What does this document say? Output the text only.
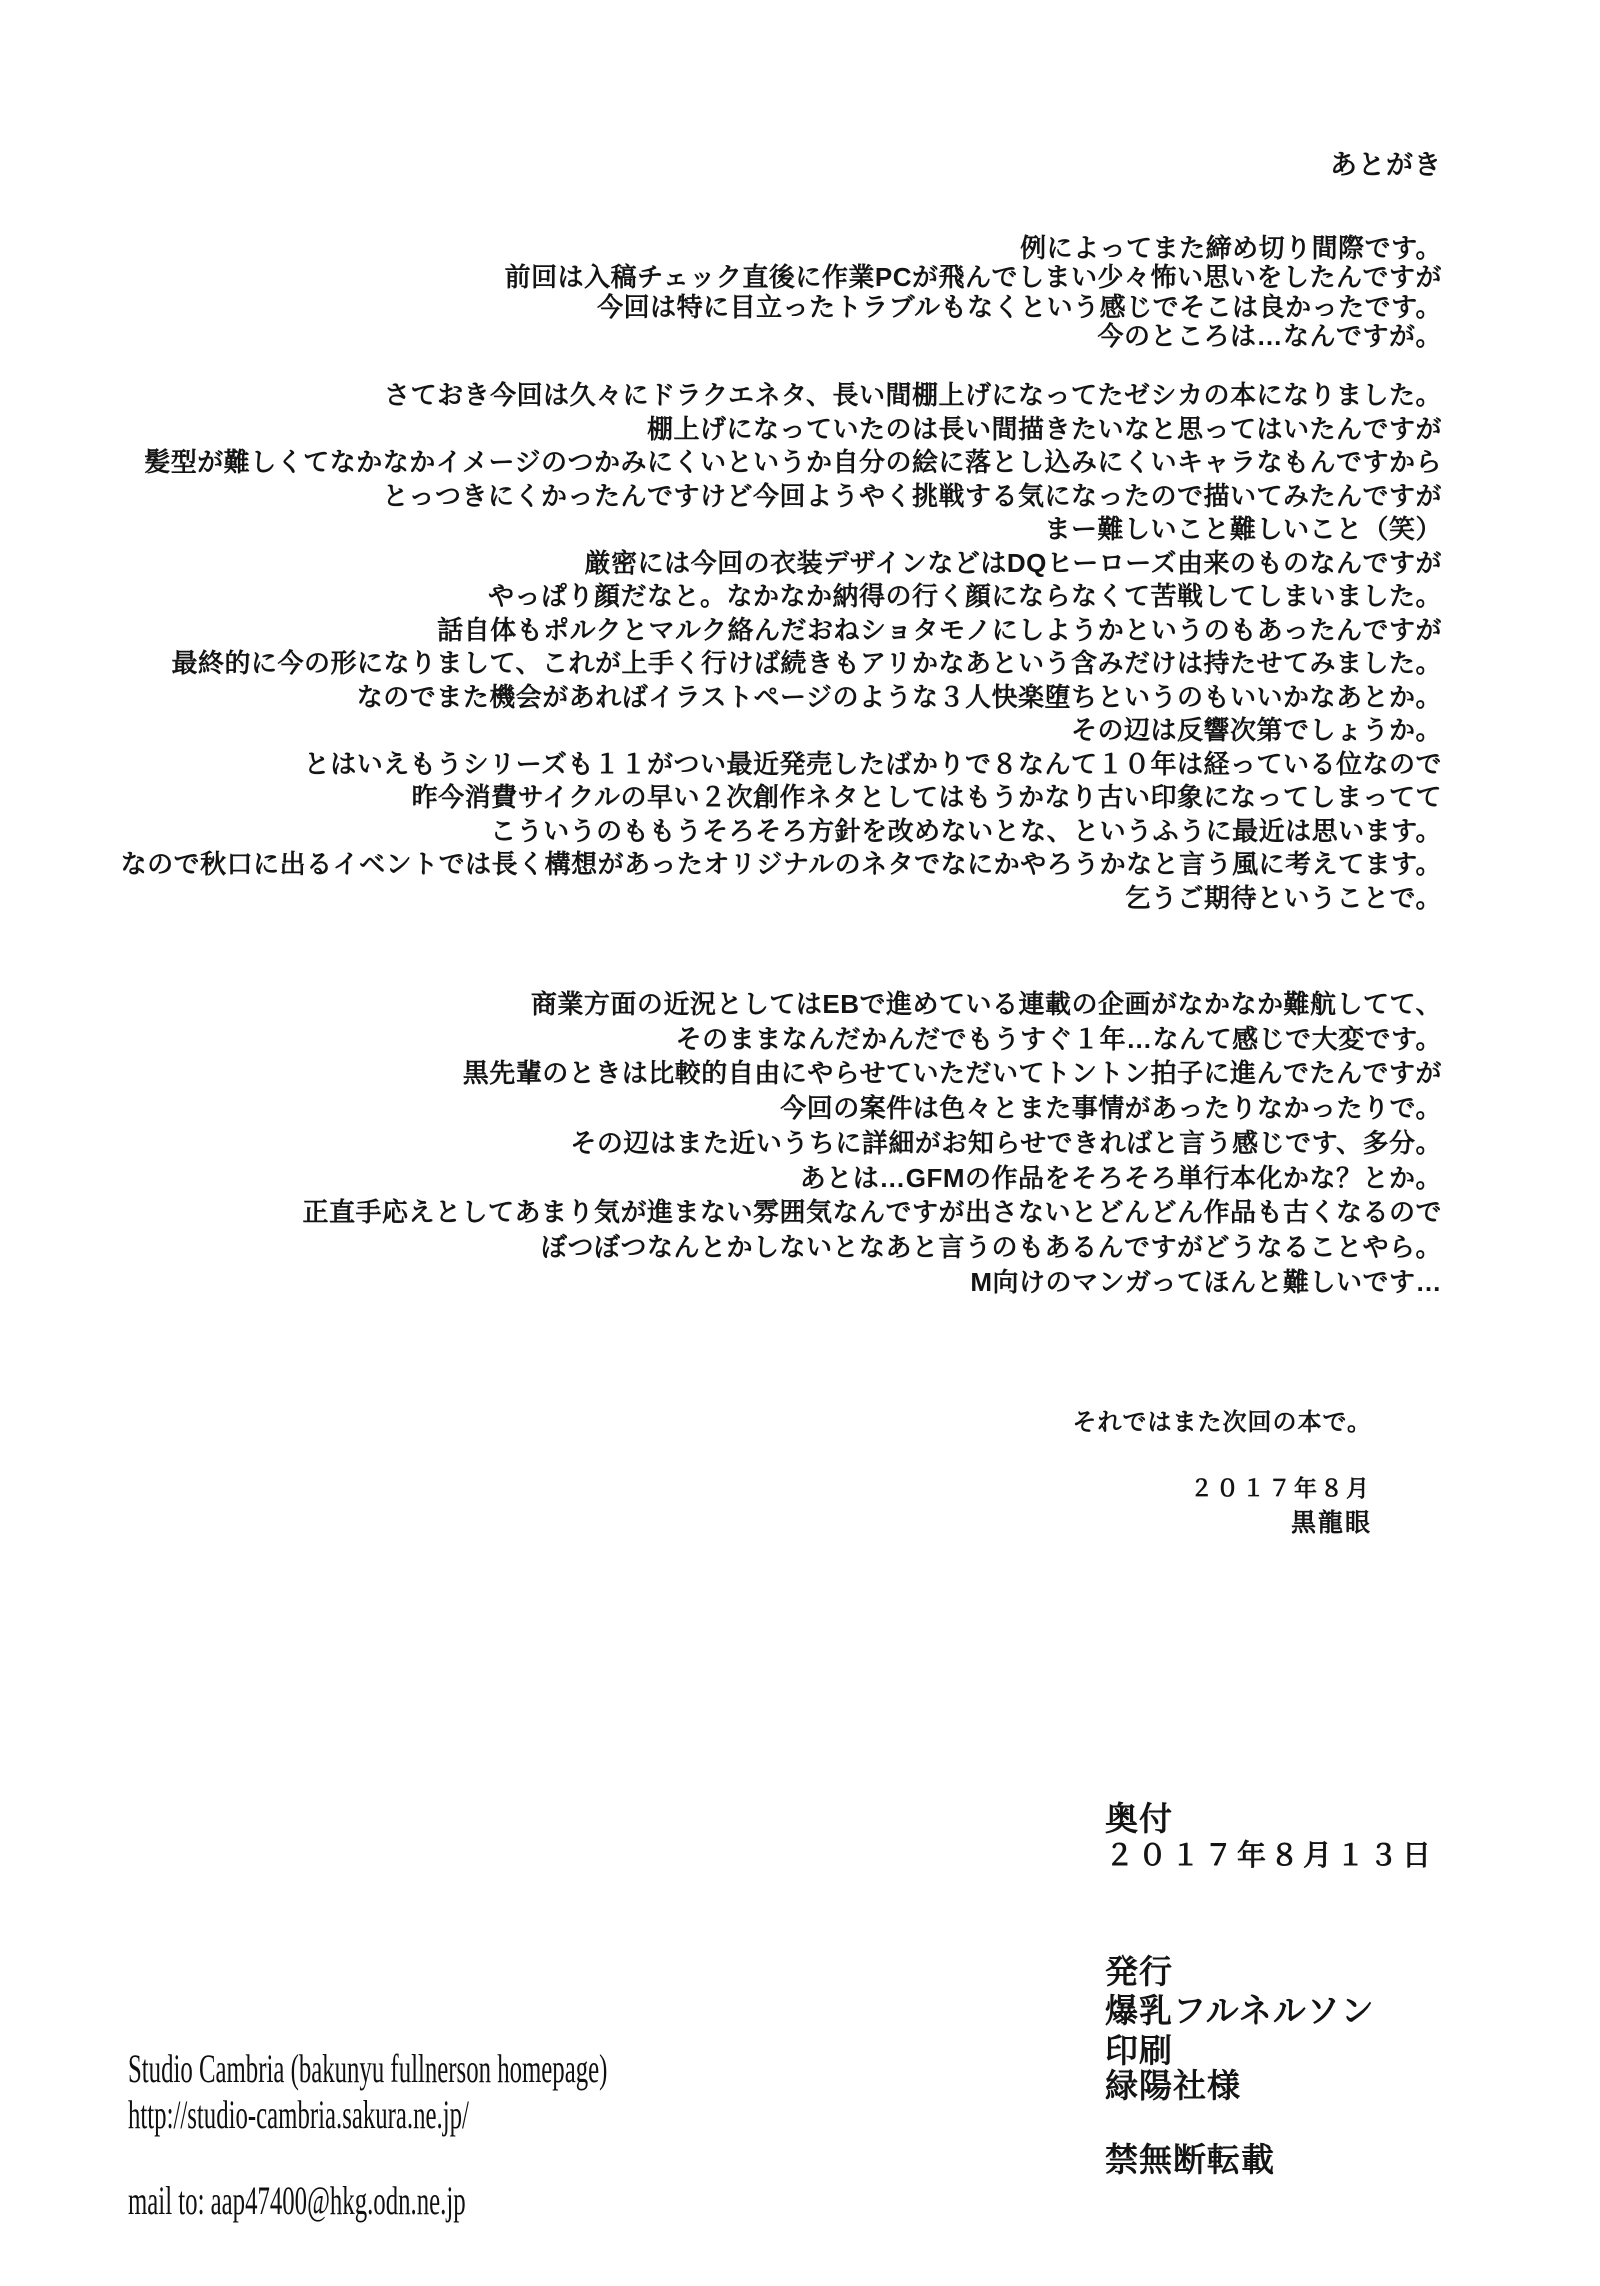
あとがき
例によってまた締め切り間際です。
前回は入稿チェック直後に作業PCが飛んでしまい少々怖い思いをしたんですが
今回は特に目立ったトラブルもなくという感じでそこは良かったです。
今のところは…なんですが。
さておき今回は久々にドラクエネタ、長い間棚上げになってたゼシカの本になりました。
棚上げになっていたのは長い間描きたいなと思ってはいたんですが
髪型が難しくてなかなかイメージのつかみにくいというか自分の絵に落とし込みにくいキャラなもんですから
とっつきにくかったんですけど今回ようやく挑戦する気になったので描いてみたんですが
まー難しいこと難しいこと（笑）
厳密には今回の衣装デザインなどはDQヒーローズ由来のものなんですが
やっぱり顔だなと。なかなか納得の行く顔にならなくて苦戦してしまいました。
話自体もポルクとマルク絡んだおねショタモノにしようかというのもあったんですが
最終的に今の形になりまして、これが上手く行けば続きもアリかなあという含みだけは持たせてみました。
なのでまた機会があればイラストページのような３人快楽堕ちというのもいいかなあとか。
その辺は反響次第でしょうか。
とはいえもうシリーズも１１がつい最近発売したばかりで８なんて１０年は経っている位なので
昨今消費サイクルの早い２次創作ネタとしてはもうかなり古い印象になってしまってて
こういうのももうそろそろ方針を改めないとな、というふうに最近は思います。
なので秋口に出るイベントでは長く構想があったオリジナルのネタでなにかやろうかなと言う風に考えてます。
乞うご期待ということで。
商業方面の近況としてはEBで進めている連載の企画がなかなか難航してて、
そのままなんだかんだでもうすぐ１年…なんて感じで大変です。
黒先輩のときは比較的自由にやらせていただいてトントン拍子に進んでたんですが
今回の案件は色々とまた事情があったりなかったりで。
その辺はまた近いうちに詳細がお知らせできればと言う感じです、多分。
あとは…GFMの作品をそろそろ単行本化かな？とか。
正直手応えとしてあまり気が進まない雰囲気なんですが出さないとどんどん作品も古くなるので
ぼつぼつなんとかしないとなあと言うのもあるんですがどうなることやら。
M向けのマンガってほんと難しいです…
それではまた次回の本で。
２０１７年８月
黒龍眼
奥付
２０１７年８月１３日
発行
爆乳フルネルソン
印刷
緑陽社様
禁無断転載
Studio Cambria (bakunyu fullnerson homepage)
http://studio-cambria.sakura.ne.jp/
mail to: aap47400@hkg.odn.ne.jp
